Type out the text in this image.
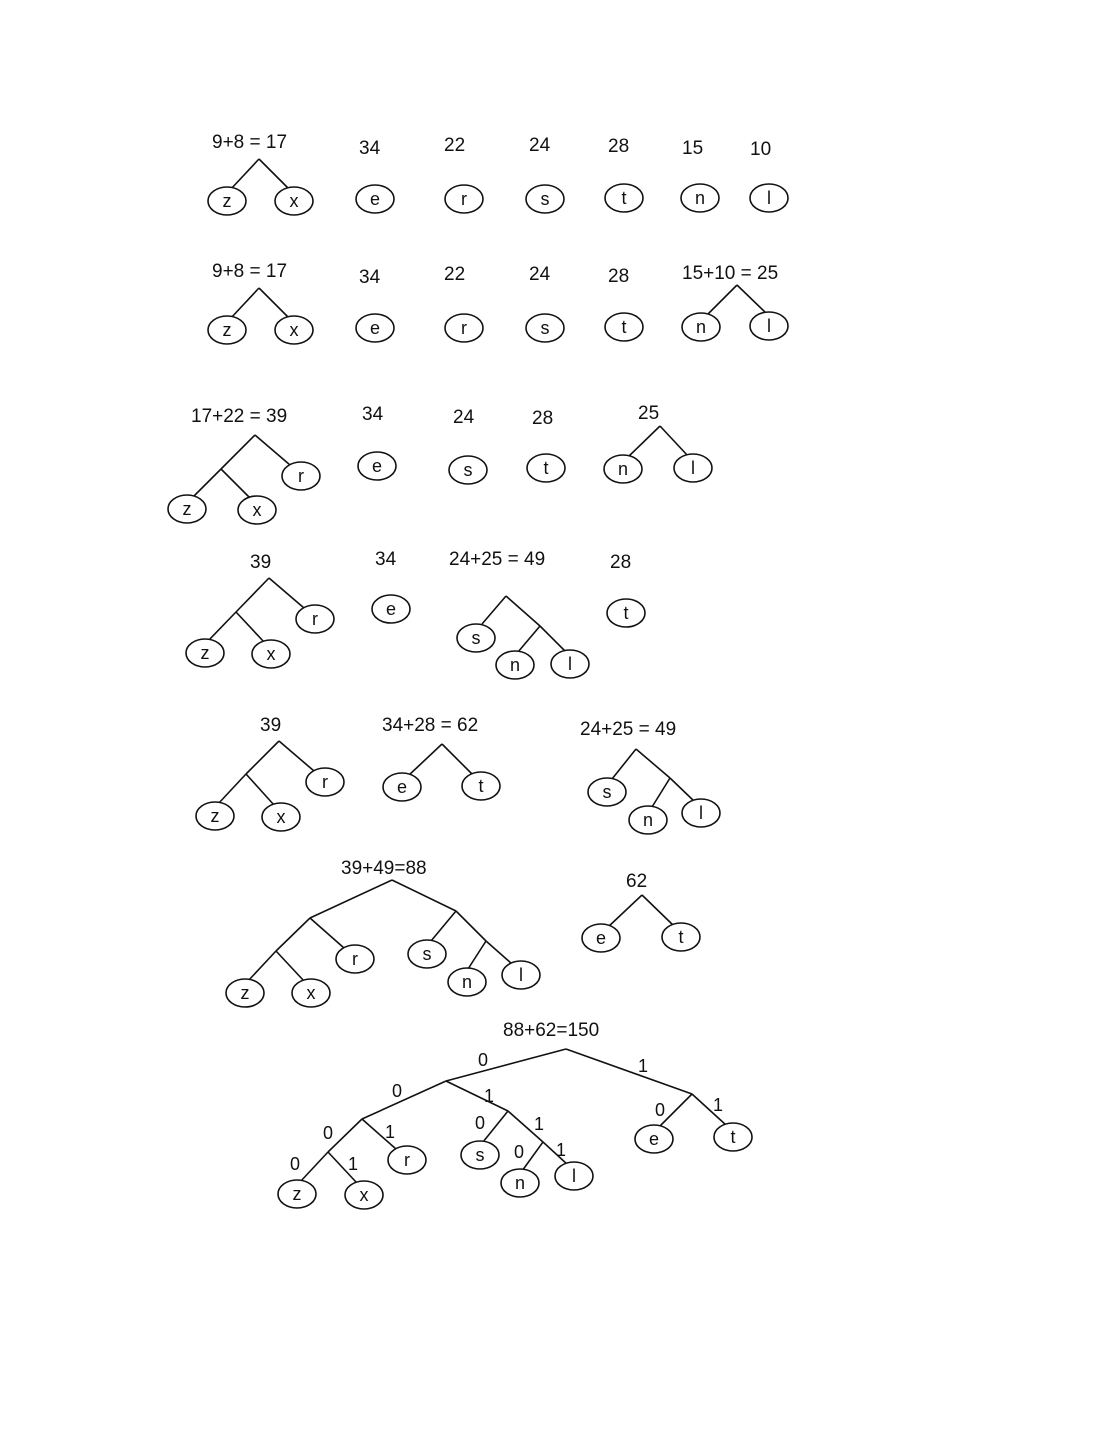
9+8 = 17	34	22	24	28	15 10
z	x	e	r	s	t	n	l
9+8 = 17	34	22	24	28	15+10 = 25
z	x	e	r	s	t	n	l
17+22 = 39	34	24	28	25
r
z	x
e	s	t	n	l
39	34	24+25 = 49	28
r
z	x
e
s
n	l
t
39	34+28 = 62	24+25 = 49
r
z	x
e	t	s
n	l
39+49=88
62
r
z	x
s
n	l
e	t
88+62=150
0	1
0	1
0	1
0	1
0	1
0 1
0	1
r
z	x
s
n	l
e	t
